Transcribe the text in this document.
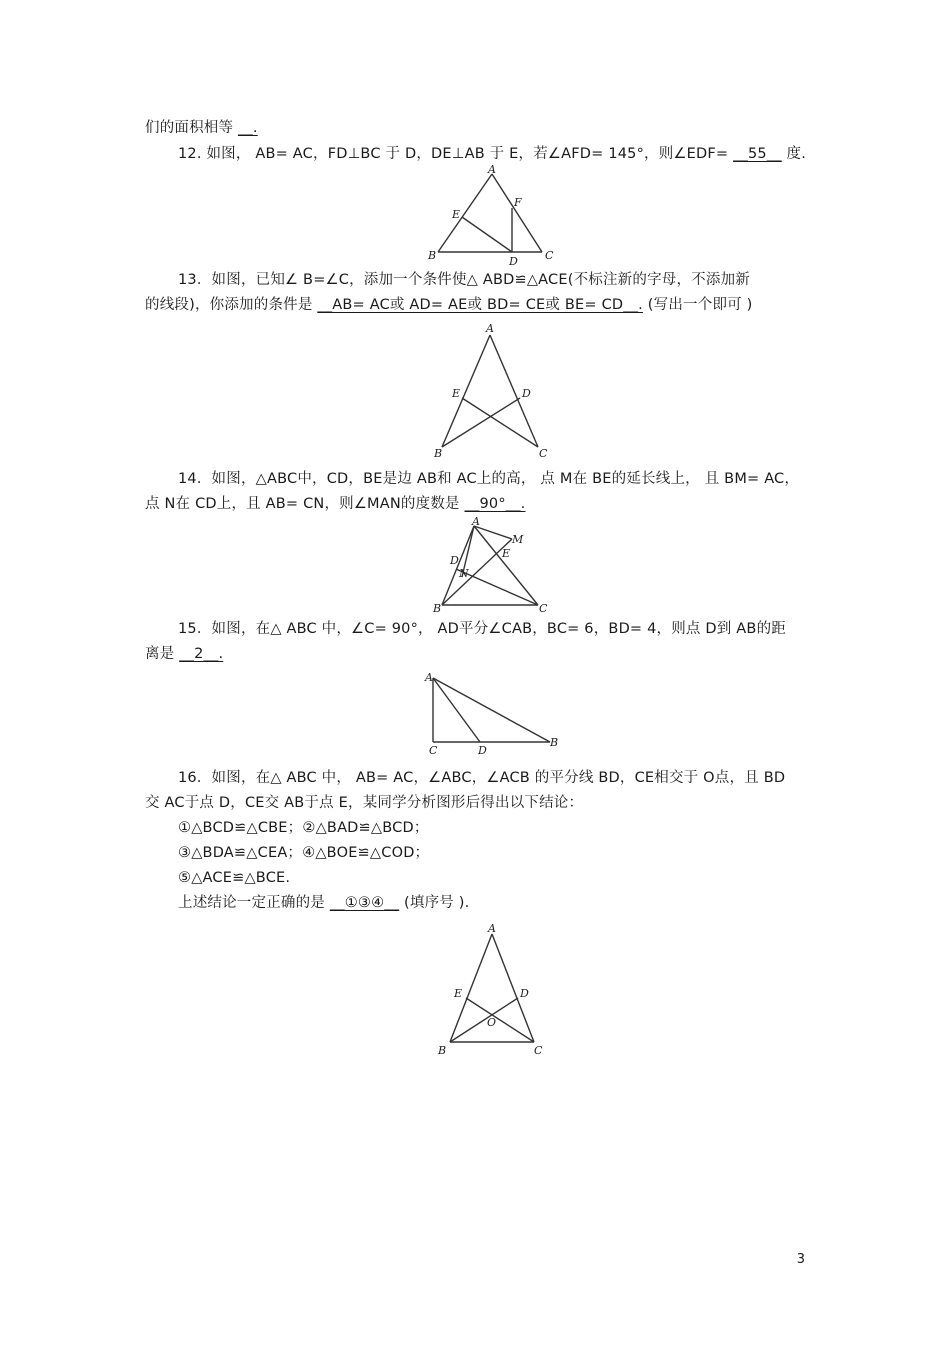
们的面积相等 __.
12. 如图， AB= AC，FD⊥BC 于 D，DE⊥AB 于 E，若∠AFD= 145°，则∠EDF= __55__ 度.
A
B	C
D
E
F
13．如图，已知∠ B=∠C，添加一个条件使△ ABD≌△ACE(不标注新的字母，不添加新
的线段)，你添加的条件是 __AB= AC或 AD= AE或 BD= CE或 BE= CD__. (写出一个即可 )
A
B	C
D
E
14．如图，△ABC中，CD，BE是边 AB和 AC上的高， 点 M在 BE的延长线上， 且 BM= AC，
点 N在 CD上，且 AB= CN，则∠MAN的度数是 __90°__.
A
B	C
D
E
M
N
15．如图，在△ ABC 中，∠C= 90°， AD平分∠CAB，BC= 6，BD= 4，则点 D到 AB的距
离是 __2__.
A
C	D
B
16．如图，在△ ABC 中， AB= AC，∠ABC，∠ACB 的平分线 BD，CE相交于 O点，且 BD
交 AC于点 D，CE交 AB于点 E，某同学分析图形后得出以下结论：
①△BCD≌△CBE；②△BAD≌△BCD；
③△BDA≌△CEA；④△BOE≌△COD；
⑤△ACE≌△BCE.
上述结论一定正确的是 __①③④__ (填序号 ).
A
B	C
D
E
O
3
